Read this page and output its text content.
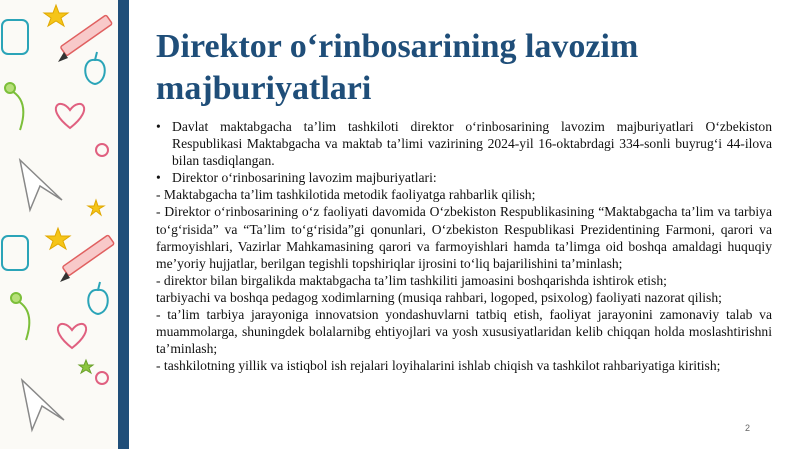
Direktor o‘rinbosarining lavozim majburiyatlari

• Davlat maktabgacha ta’lim tashkiloti direktor o‘rinbosarining lavozim majburiyatlari O‘zbekiston Respublikasi Maktabgacha va maktab ta’limi vazirining 2024-yil 16-oktabrdagi 334-sonli buyrug‘i 44-ilova bilan tasdiqlangan.

• Direktor o‘rinbosarining lavozim majburiyatlari:

- Maktabgacha ta’lim tashkilotida metodik faoliyatga rahbarlik qilish;

- Direktor o‘rinbosarining o‘z faoliyati davomida O‘zbekiston Respublikasining “Maktabgacha ta’lim va tarbiya to‘g‘risida” va “Ta’lim to‘g‘risida”gi qonunlari, O‘zbekiston Respublikasi Prezidentining Farmoni, qarori va farmoyishlari, Vazirlar Mahkamasining qarori va farmoyishlari hamda ta’limga oid boshqa amaldagi huquqiy me’yoriy hujjatlar, berilgan tegishli topshiriqlar ijrosini to‘liq bajarilishini ta’minlash;

- direktor bilan birgalikda maktabgacha ta’lim tashkiliti jamoasini boshqarishda ishtirok etish;

tarbiyachi va boshqa pedagog xodimlarning (musiqa rahbari, logoped, psixolog) faoliyati nazorat qilish;

- ta’lim tarbiya jarayoniga innovatsion yondashuvlarni tatbiq etish, faoliyat jarayonini zamonaviy talab va muammolarga, shuningdek bolalarnibg ehtiyojlari va yosh xususiyatlaridan kelib chiqqan holda moslashtirishni ta’minlash;

- tashkilotning yillik va istiqbol ish rejalari loyihalarini ishlab chiqish va tashkilot rahbariyatiga kiritish;

2
